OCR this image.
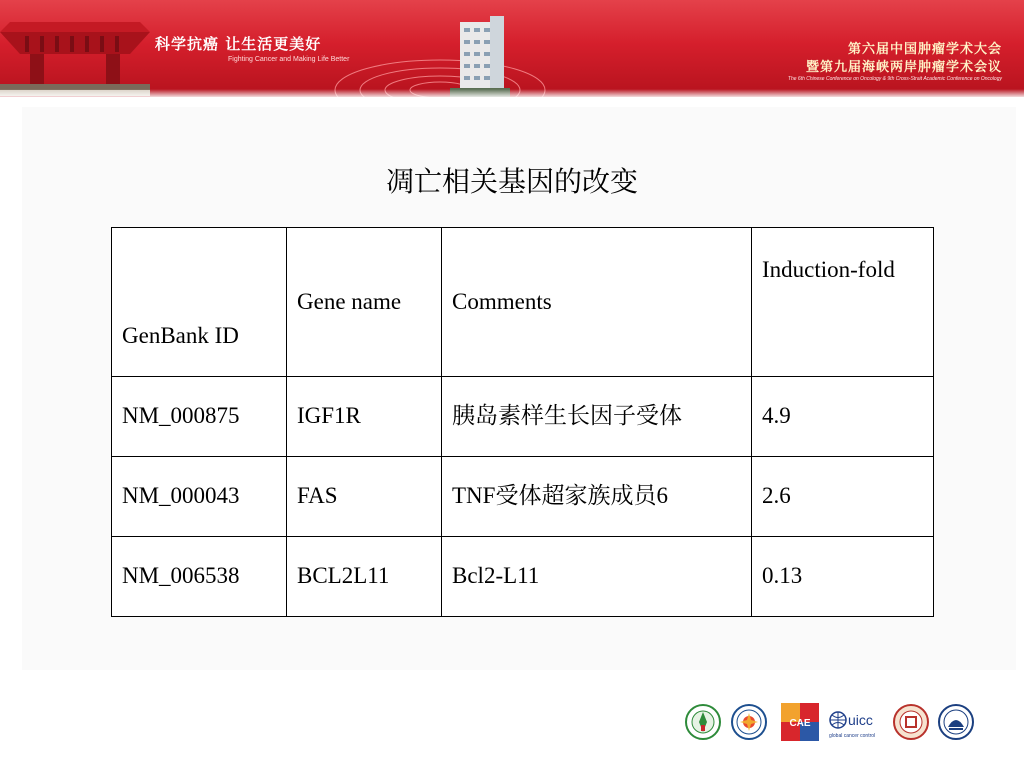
科学抗癌 让生活更美好
Fighting Cancer and Making Life Better
第六届中国肿瘤学术大会
暨第九届海峡两岸肿瘤学术会议
The 6th Chinese Conference on Oncology & 9th Cross-Strait Academic Conference on Oncology
凋亡相关基因的改变
GenBank ID	Gene name	Comments	Induction-fold
NM_000875	IGF1R	胰岛素样生长因子受体	4.9
NM_000043	FAS	TNF受体超家族成员6	2.6
NM_006538	BCL2L11	Bcl2-L11	0.13
CAE	uicc
global cancer control
